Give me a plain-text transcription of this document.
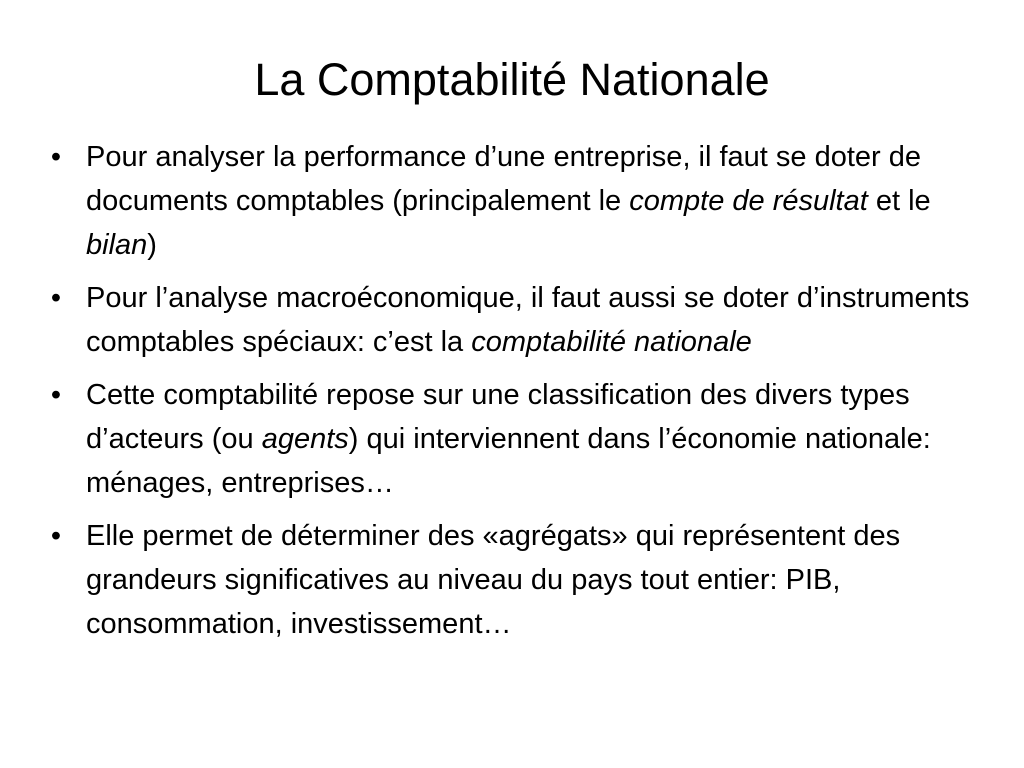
La Comptabilité Nationale
• Pour analyser la performance d’une entreprise, il faut se doter de documents comptables (principalement le compte de résultat et le bilan)
• Pour l’analyse macroéconomique, il faut aussi se doter d’instruments comptables spéciaux: c’est la comptabilité nationale
• Cette comptabilité repose sur une classification des divers types d’acteurs (ou agents) qui interviennent dans l’économie nationale: ménages, entreprises…
• Elle permet de déterminer des «agrégats» qui représentent des grandeurs significatives au niveau du pays tout entier: PIB, consommation, investissement…
